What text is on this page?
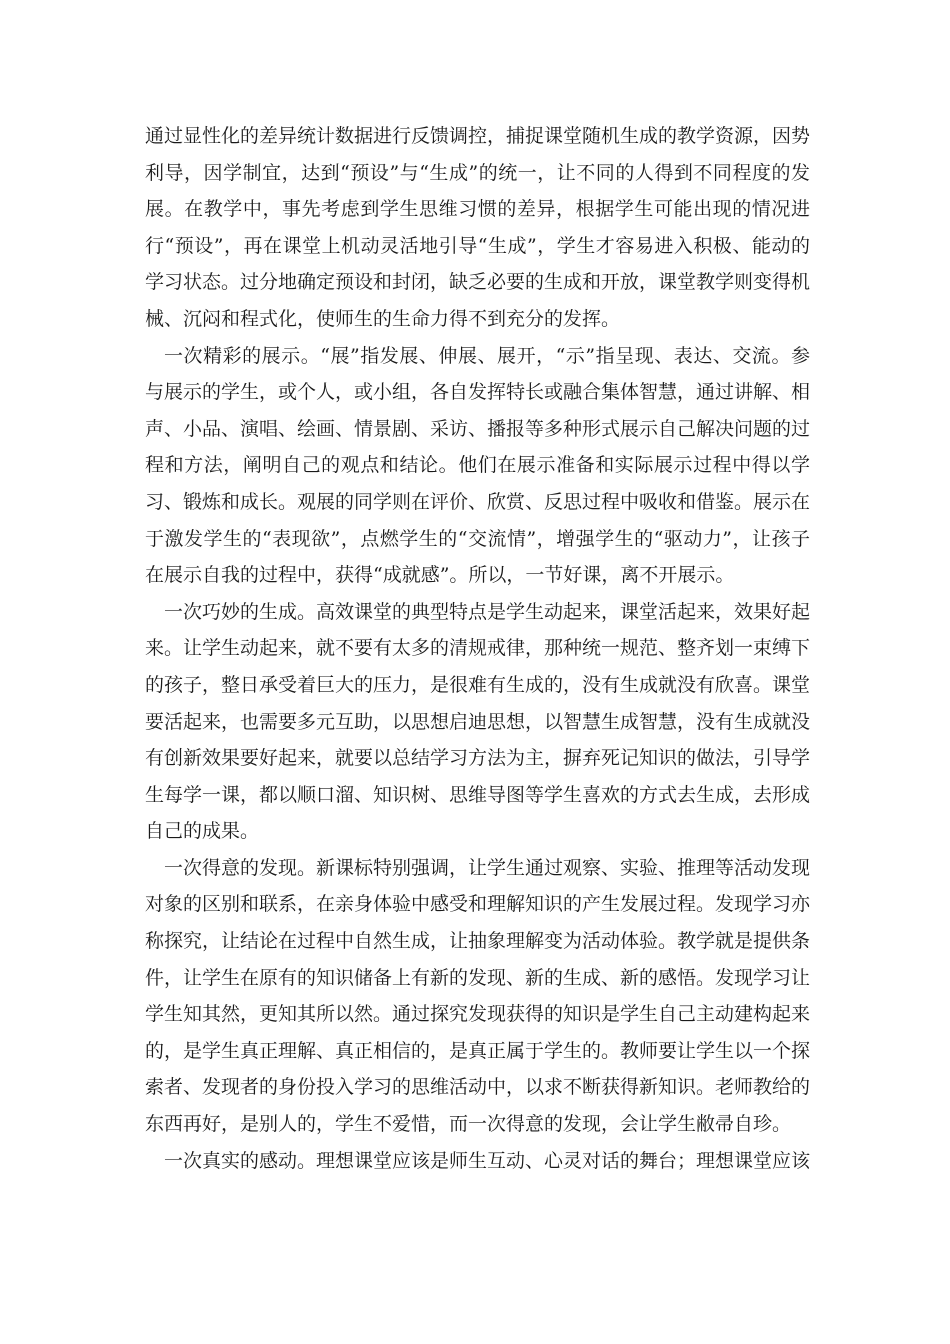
通过显性化的差异统计数据进行反馈调控，捕捉课堂随机生成的教学资源，因势利导，因学制宜，达到“预设”与“生成”的统一，让不同的人得到不同程度的发展。在教学中，事先考虑到学生思维习惯的差异，根据学生可能出现的情况进行“预设”，再在课堂上机动灵活地引导“生成”，学生才容易进入积极、能动的学习状态。过分地确定预设和封闭，缺乏必要的生成和开放，课堂教学则变得机械、沉闷和程式化，使师生的生命力得不到充分的发挥。

一次精彩的展示。“展”指发展、伸展、展开，“示”指呈现、表达、交流。参与展示的学生，或个人，或小组，各自发挥特长或融合集体智慧，通过讲解、相声、小品、演唱、绘画、情景剧、采访、播报等多种形式展示自己解决问题的过程和方法，阐明自己的观点和结论。他们在展示准备和实际展示过程中得以学习、锻炼和成长。观展的同学则在评价、欣赏、反思过程中吸收和借鉴。展示在于激发学生的“表现欲”，点燃学生的“交流情”，增强学生的“驱动力”，让孩子在展示自我的过程中，获得“成就感”。所以，一节好课，离不开展示。

一次巧妙的生成。高效课堂的典型特点是学生动起来，课堂活起来，效果好起来。让学生动起来，就不要有太多的清规戒律，那种统一规范、整齐划一束缚下的孩子，整日承受着巨大的压力，是很难有生成的，没有生成就没有欣喜。课堂要活起来，也需要多元互助，以思想启迪思想，以智慧生成智慧，没有生成就没有创新效果要好起来，就要以总结学习方法为主，摒弃死记知识的做法，引导学生每学一课，都以顺口溜、知识树、思维导图等学生喜欢的方式去生成，去形成自己的成果。

一次得意的发现。新课标特别强调，让学生通过观察、实验、推理等活动发现对象的区别和联系，在亲身体验中感受和理解知识的产生发展过程。发现学习亦称探究，让结论在过程中自然生成，让抽象理解变为活动体验。教学就是提供条件，让学生在原有的知识储备上有新的发现、新的生成、新的感悟。发现学习让学生知其然，更知其所以然。通过探究发现获得的知识是学生自己主动建构起来的，是学生真正理解、真正相信的，是真正属于学生的。教师要让学生以一个探索者、发现者的身份投入学习的思维活动中，以求不断获得新知识。老师教给的东西再好，是别人的，学生不爱惜，而一次得意的发现，会让学生敝帚自珍。

一次真实的感动。理想课堂应该是师生互动、心灵对话的舞台；理想课堂应该
